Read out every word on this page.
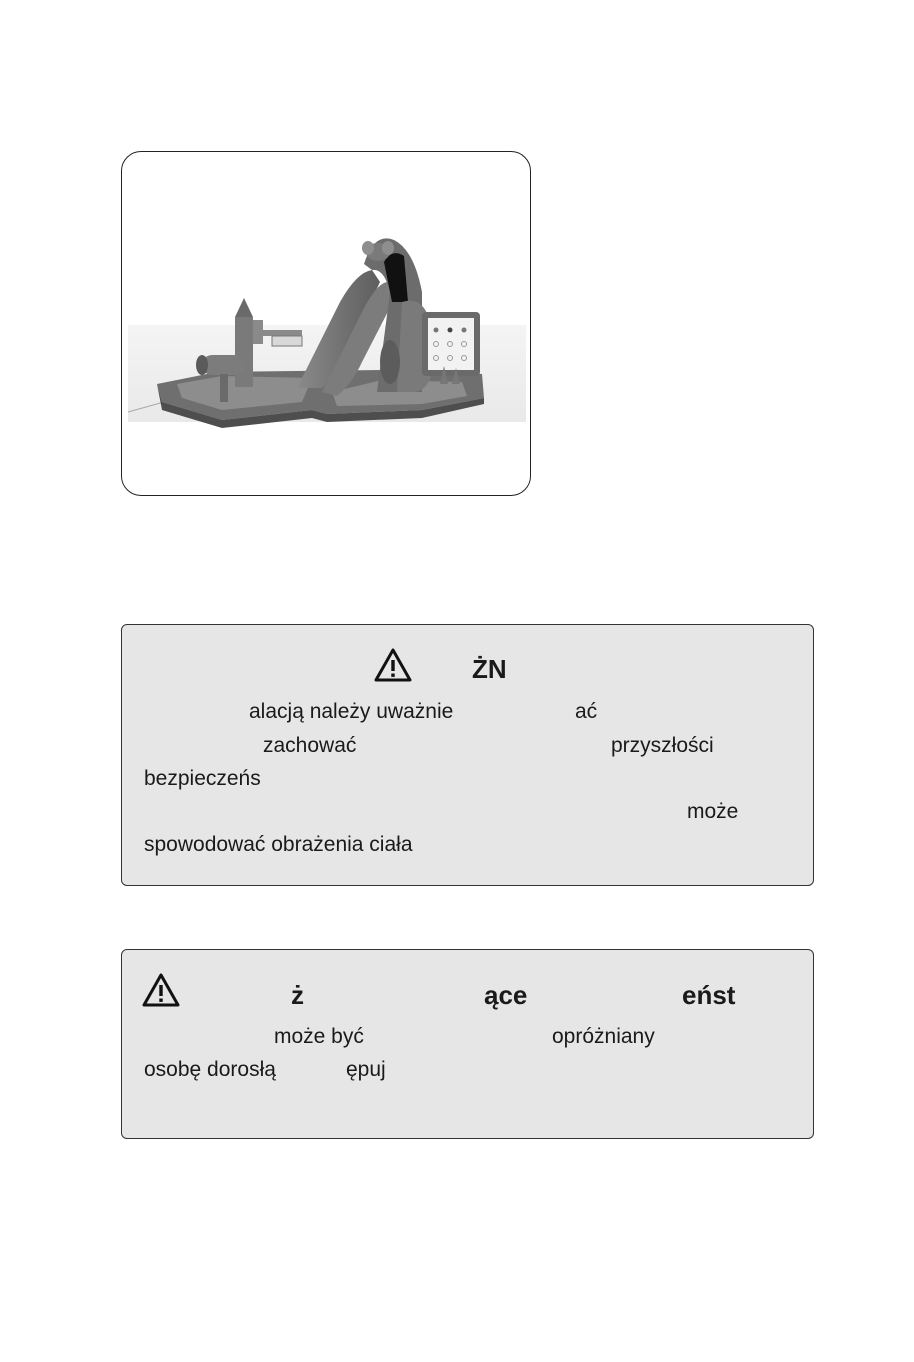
ŻN
alacją należy uważnie	ać
zachować	przyszłości
bezpieczeńs
może
spowodować obrażenia ciała
ż	ące	eńst
może być	opróżniany
osobę dorosłą	ępuj
